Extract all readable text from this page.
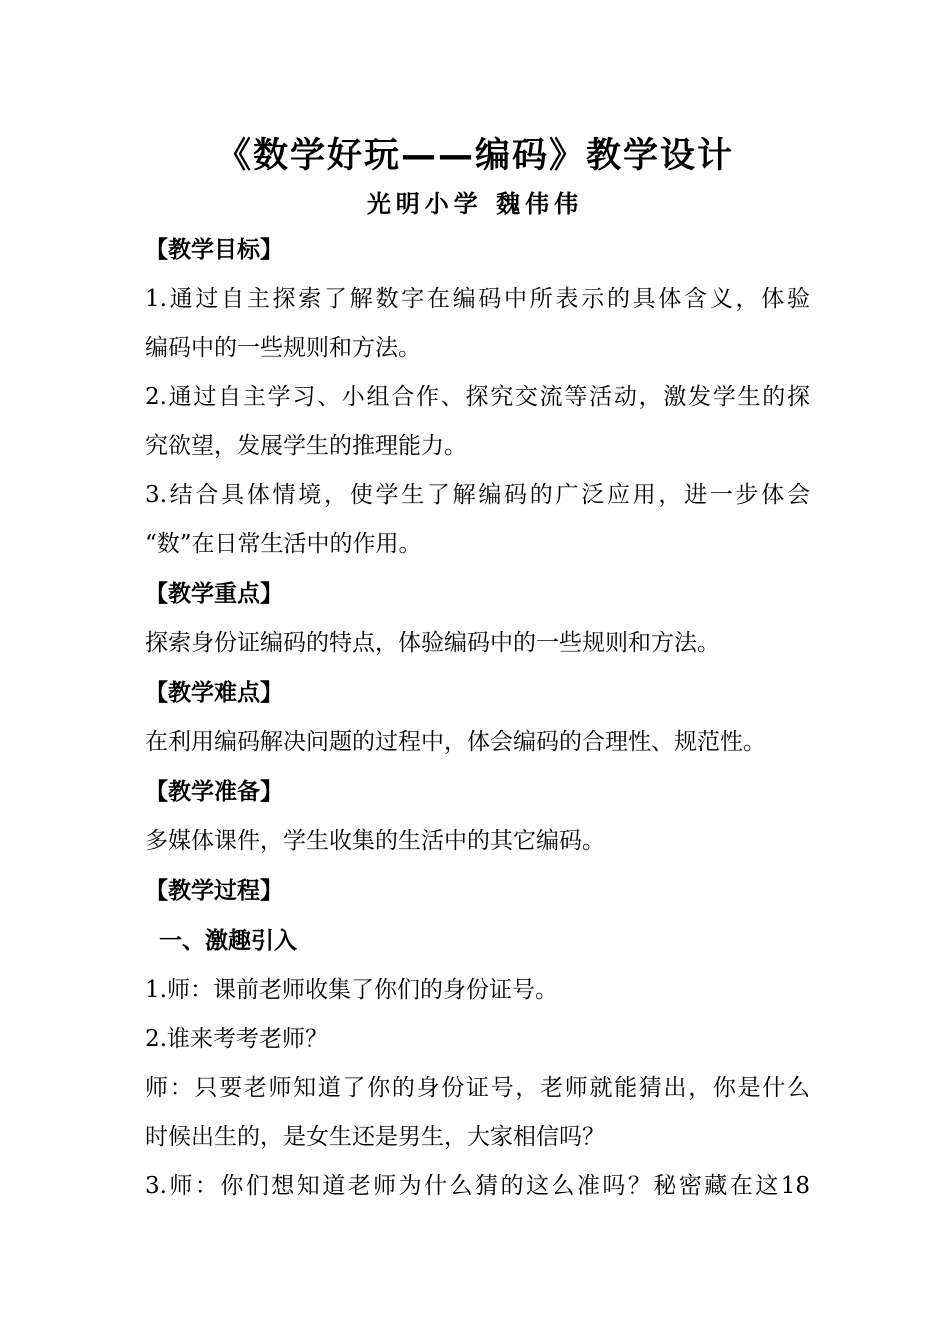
《数学好玩——编码》教学设计
光明小学 魏伟伟
【教学目标】

1.通过自主探索了解数字在编码中所表示的具体含义，体验

编码中的一些规则和方法。

2.通过自主学习、小组合作、探究交流等活动，激发学生的探

究欲望，发展学生的推理能力。

3.结合具体情境，使学生了解编码的广泛应用，进一步体会

“数”在日常生活中的作用。

【教学重点】

探索身份证编码的特点，体验编码中的一些规则和方法。

【教学难点】

在利用编码解决问题的过程中，体会编码的合理性、规范性。

【教学准备】

多媒体课件，学生收集的生活中的其它编码。

【教学过程】
一、激趣引入

1.师：课前老师收集了你们的身份证号。

2.谁来考考老师？

师：只要老师知道了你的身份证号，老师就能猜出，你是什么

时候出生的，是女生还是男生，大家相信吗？

3.师：你们想知道老师为什么猜的这么准吗？秘密藏在这18
